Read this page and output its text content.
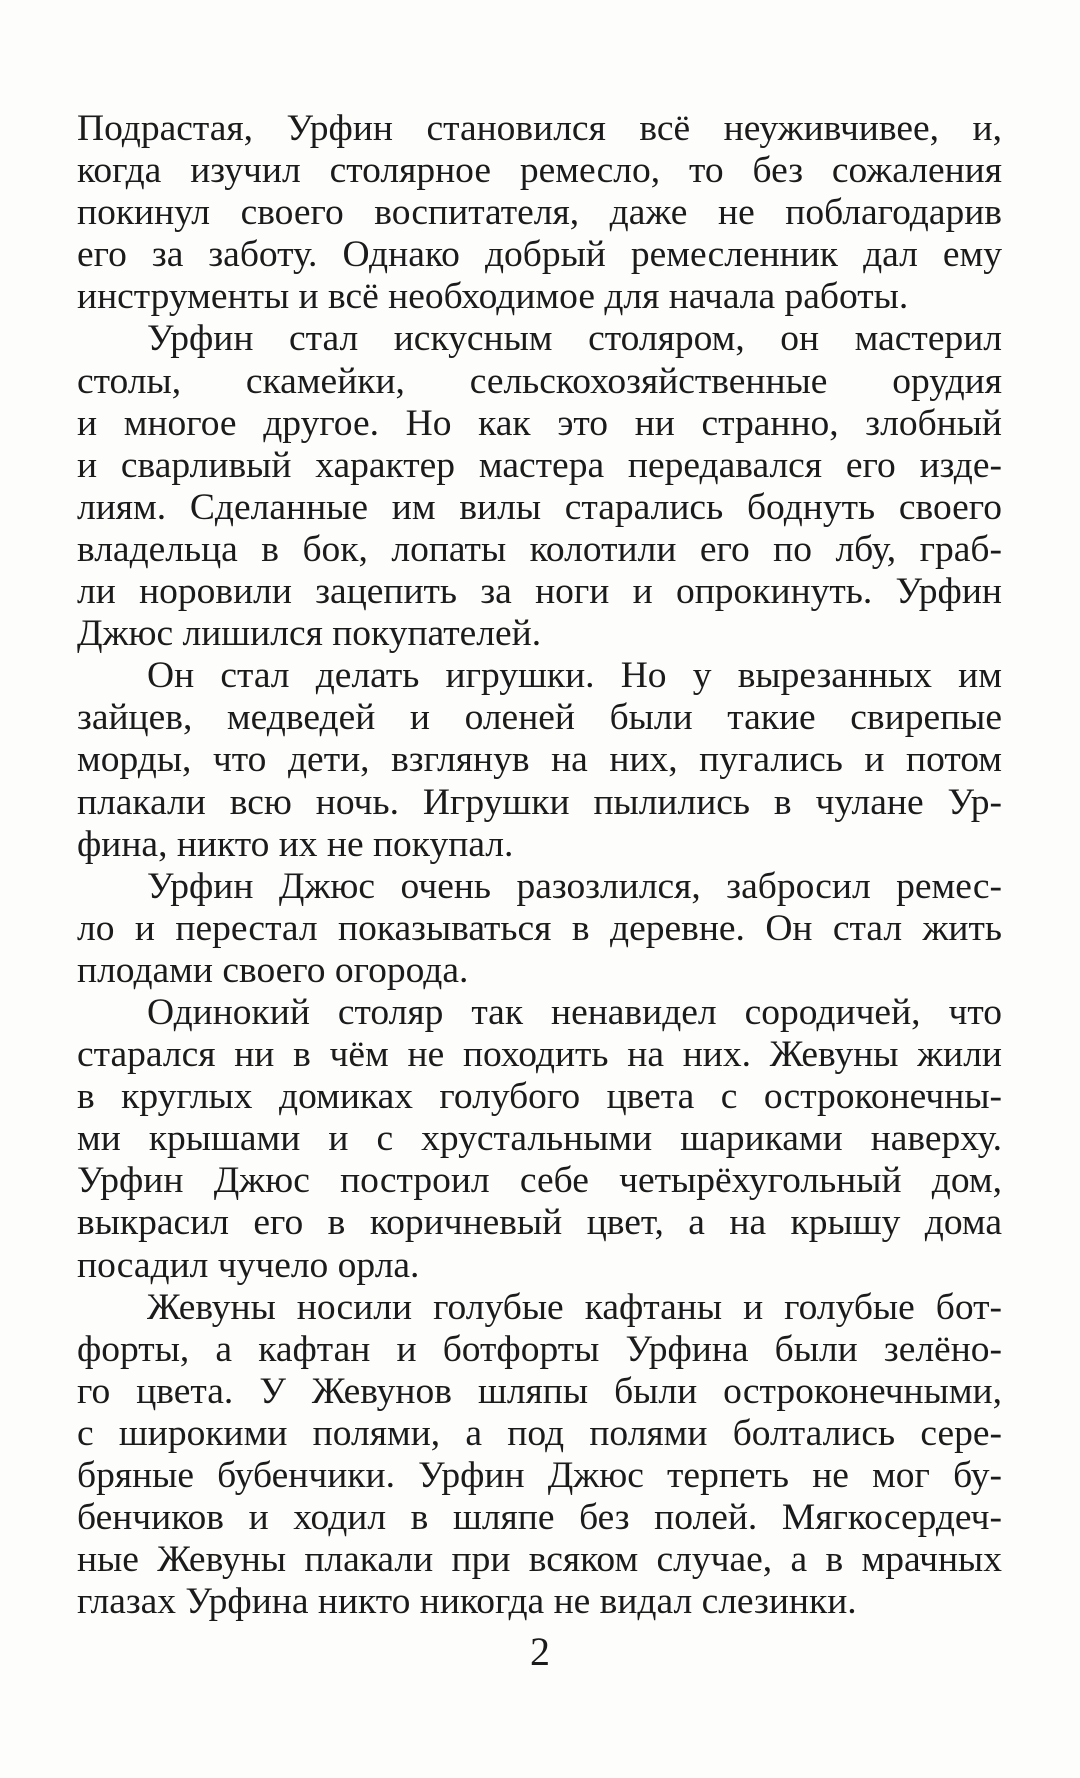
Подрастая, Урфин становился всё неуживчивее, и,
когда изучил столярное ремесло, то без сожаления
покинул своего воспитателя, даже не поблагодарив
его за заботу. Однако добрый ремесленник дал ему
инструменты и всё необходимое для начала работы.
Урфин стал искусным столяром, он мастерил
столы, скамейки, сельскохозяйственные орудия
и многое другое. Но как это ни странно, злобный
и сварливый характер мастера передавался его изде-
лиям. Сделанные им вилы старались боднуть своего
владельца в бок, лопаты колотили его по лбу, граб-
ли норовили зацепить за ноги и опрокинуть. Урфин
Джюс лишился покупателей.
Он стал делать игрушки. Но у вырезанных им
зайцев, медведей и оленей были такие свирепые
морды, что дети, взглянув на них, пугались и потом
плакали всю ночь. Игрушки пылились в чулане Ур-
фина, никто их не покупал.
Урфин Джюс очень разозлился, забросил ремес-
ло и перестал показываться в деревне. Он стал жить
плодами своего огорода.
Одинокий столяр так ненавидел сородичей, что
старался ни в чём не походить на них. Жевуны жили
в круглых домиках голубого цвета с остроконечны-
ми крышами и с хрустальными шариками наверху.
Урфин Джюс построил себе четырёхугольный дом,
выкрасил его в коричневый цвет, а на крышу дома
посадил чучело орла.
Жевуны носили голубые кафтаны и голубые бот-
форты, а кафтан и ботфорты Урфина были зелёно-
го цвета. У Жевунов шляпы были остроконечными,
с широкими полями, а под полями болтались сере-
бряные бубенчики. Урфин Джюс терпеть не мог бу-
бенчиков и ходил в шляпе без полей. Мягкосердеч-
ные Жевуны плакали при всяком случае, а в мрачных
глазах Урфина никто никогда не видал слезинки.
2
